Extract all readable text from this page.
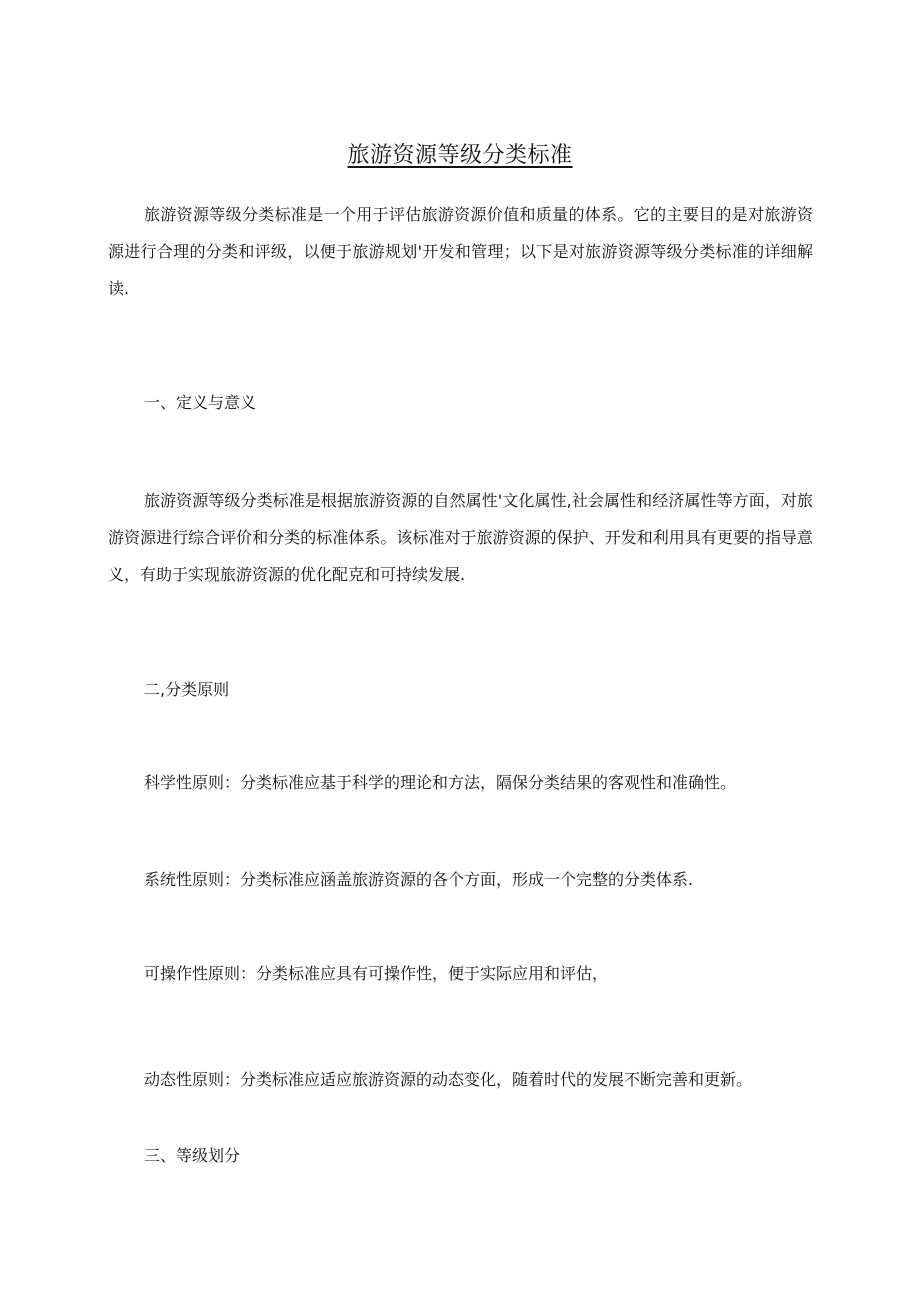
旅游资源等级分类标准

旅游资源等级分类标准是一个用于评估旅游资源价值和质量的体系。它的主要目的是对旅游资源进行合理的分类和评级，以便于旅游规划'开发和管理；以下是对旅游资源等级分类标准的详细解读.

一、定义与意义

旅游资源等级分类标准是根据旅游资源的自然属性'文化属性,社会属性和经济属性等方面，对旅游资源进行综合评价和分类的标准体系。该标准对于旅游资源的保护、开发和利用具有更要的指导意义，有助于实现旅游资源的优化配克和可持续发展.

二,分类原则

科学性原则：分类标准应基于科学的理论和方法，隔保分类结果的客观性和准确性。

系统性原则：分类标准应涵盖旅游资源的各个方面，形成一个完整的分类体系.

可操作性原则：分类标准应具有可操作性，便于实际应用和评估，

动态性原则：分类标准应适应旅游资源的动态变化，随着时代的发展不断完善和更新。

三、等级划分
